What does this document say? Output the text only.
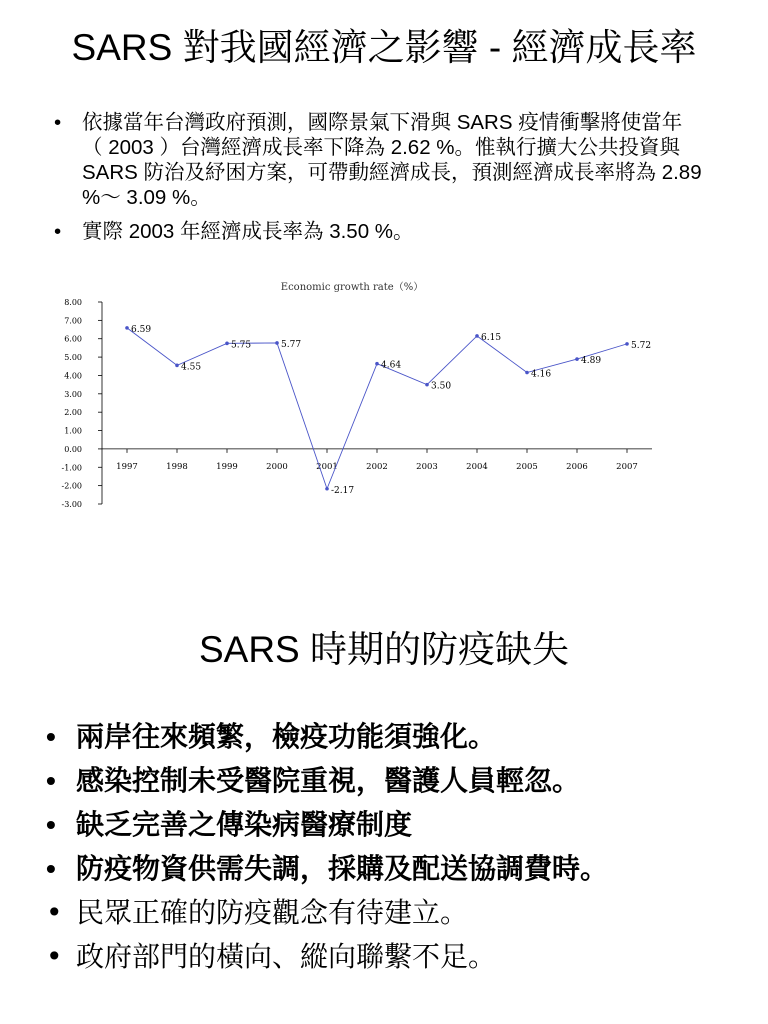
SARS 對我國經濟之影響 - 經濟成長率
• 依據當年台灣政府預測，國際景氣下滑與 SARS 疫情衝擊將使當年（ 2003 ）台灣經濟成長率下降為 2.62 %。惟執行擴大公共投資與 SARS 防治及紓困方案，可帶動經濟成長，預測經濟成長率將為 2.89 %～ 3.09 %。
• 實際 2003 年經濟成長率為 3.50 %。
Economic growth rate（%）
8.00
7.00
6.00
5.00
4.00
3.00
2.00
1.00
0.00
-1.00
-2.00
-3.00
1997	1998	1999	2000	2001	2002	2003	2004	2005	2006	2007
6.59
4.55
5.75	5.77
-2.17
4.64
3.50
6.15
4.16
4.89
5.72
SARS 時期的防疫缺失
• 兩岸往來頻繁，檢疫功能須強化。
• 感染控制未受醫院重視，醫護人員輕忽。
• 缺乏完善之傳染病醫療制度
• 防疫物資供需失調，採購及配送協調費時。
• 民眾正確的防疫觀念有待建立。
• 政府部門的橫向、縱向聯繫不足。
